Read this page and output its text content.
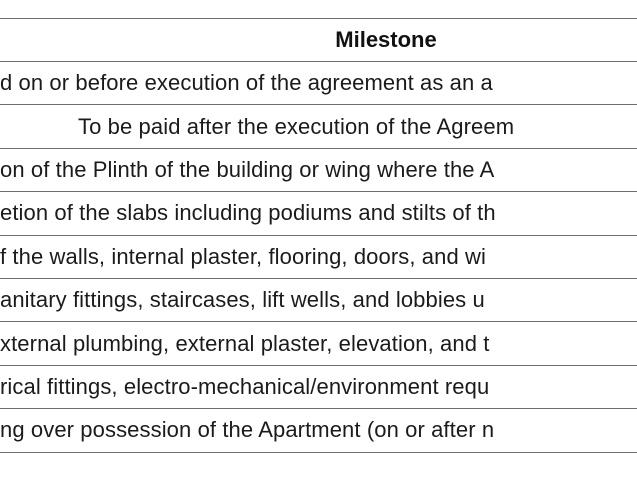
Milestone
d on or before execution of the agreement as an a
To be paid after the execution of the Agreem
on of the Plinth of the building or wing where the A
etion of the slabs including podiums and stilts of th
f the walls, internal plaster, flooring, doors, and wi
anitary fittings, staircases, lift wells, and lobbies u
xternal plumbing, external plaster, elevation, and t
rical fittings, electro-mechanical/environment requ
ng over possession of the Apartment (on or after n
